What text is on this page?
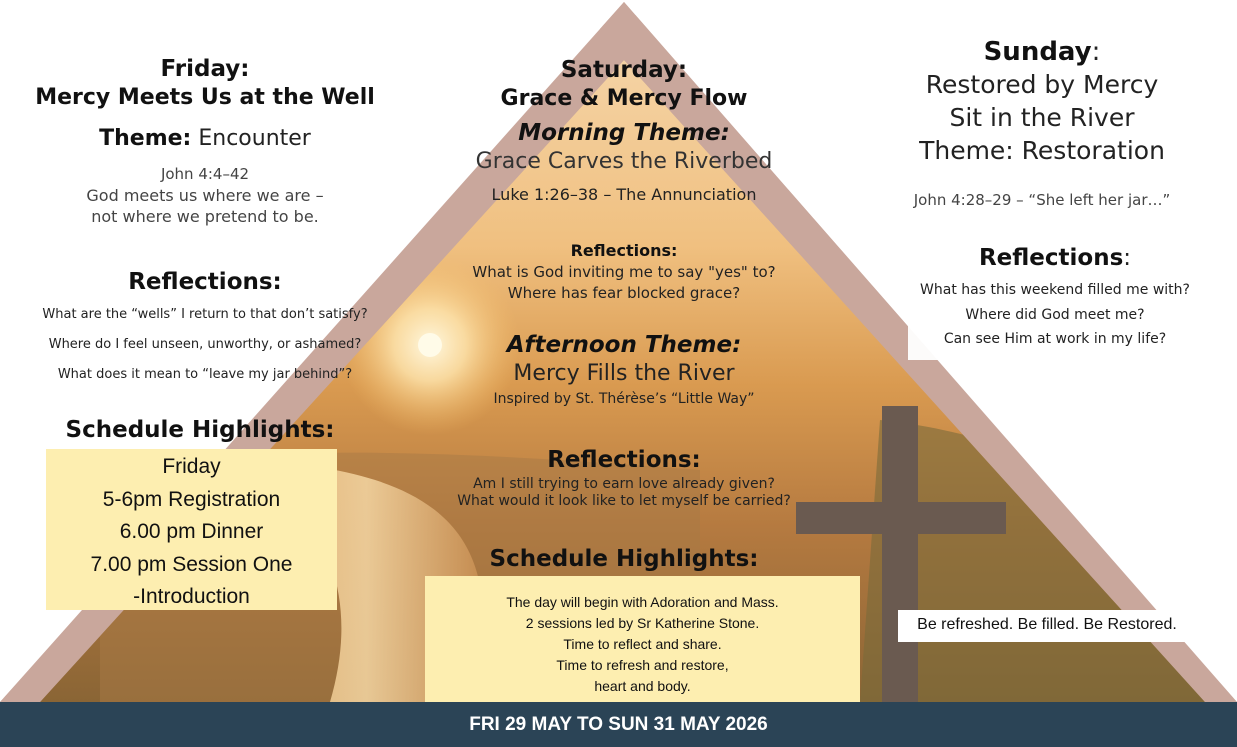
Friday:
Mercy Meets Us at the Well
Theme: Encounter
John 4:4–42
God meets us where we are –
not where we pretend to be.
Reflections:
What are the “wells” I return to that don’t satisfy?
Where do I feel unseen, unworthy, or ashamed?
What does it mean to “leave my jar behind”?
Schedule Highlights:
Friday
5-6pm Registration
6.00 pm Dinner
7.00 pm Session One
-Introduction
Saturday:
Grace & Mercy Flow
Morning Theme:
Grace Carves the Riverbed
Luke 1:26–38 – The Annunciation
Reflections:
What is God inviting me to say "yes" to?
Where has fear blocked grace?
Afternoon Theme:
Mercy Fills the River
Inspired by St. Thérèse’s “Little Way”
Reflections:
Am I still trying to earn love already given?
What would it look like to let myself be carried?
Schedule Highlights:
The day will begin with Adoration and Mass.
2 sessions led by Sr Katherine Stone.
Time to reflect and share.
Time to refresh and restore,
heart and body.
Sunday:
Restored by Mercy
Sit in the River
Theme: Restoration
John 4:28–29 – “She left her jar…”
Reflections:
What has this weekend filled me with?
Where did God meet me?
Can see Him at work in my life?
Be refreshed. Be filled. Be Restored.
FRI 29 MAY TO SUN 31 MAY 2026
